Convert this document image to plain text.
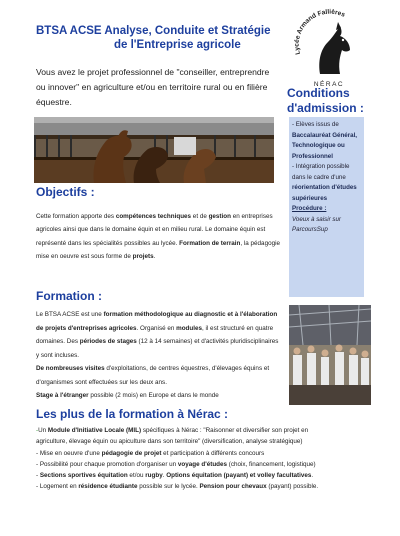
BTSA ACSE Analyse, Conduite et Stratégie
de l'Entreprise agricole
Lycée Armand Fallières
NÉRAC
Vous avez le projet professionnel de "conseiller, entreprendre ou innover" en agriculture et/ou en territoire rural ou en filière équestre.
Conditions d'admission :
- Elèves issus de
Baccalauréat Général, Technologique ou Professionnel
- Intégration possible dans le cadre d'une
réorientation d'études supérieures
Procédure :
Voeux à saisir sur ParcoursSup
Objectifs :
Cette formation apporte des compétences techniques et de gestion en entreprises agricoles ainsi que dans le domaine équin et en milieu rural. Le domaine équin est représenté dans les spécialités possibles au lycée. Formation de terrain, la pédagogie mise en oeuvre est sous forme de projets.
Formation :
Le BTSA ACSE est une formation méthodologique au diagnostic et à l'élaboration de projets d'entreprises agricoles. Organisé en modules, il est structuré en quatre domaines. Des périodes de stages (12 à 14 semaines) et d'activités pluridisciplinaires y sont incluses.
De nombreuses visites d'exploitations, de centres équestres, d'élevages équins et d'organismes sont effectuées sur les deux ans.
Stage à l'étranger possible (2 mois) en Europe et dans le monde
Les plus de la formation à Nérac :
-Un Module d'Initiative Locale (MIL) spécifiques à Nérac : "Raisonner et diversifier son projet en
agriculture, élevage équin ou apiculture dans son territoire" (diversification, analyse stratégique)
- Mise en oeuvre d'une pédagogie de projet et participation à différents concours
- Possibilité pour chaque promotion d'organiser un voyage d'études (choix, financement, logistique)
- Sections sportives équitation et/ou rugby. Options équitation (payant) et volley facultatives.
- Logement en résidence étudiante possible sur le lycée. Pension pour chevaux (payant) possible.
